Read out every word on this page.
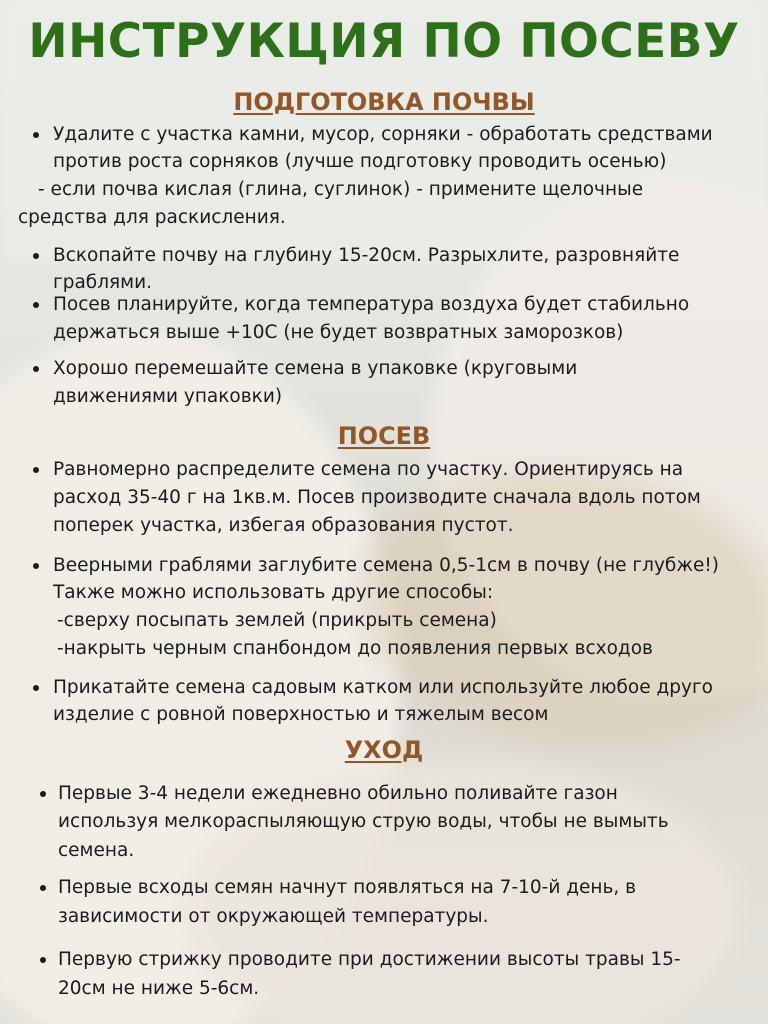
ИНСТРУКЦИЯ ПО ПОСЕВУ
ПОДГОТОВКА ПОЧВЫ
Удалите с участка камни, мусор, сорняки - обработать средствами
против роста сорняков (лучше подготовку проводить осенью)
- если почва кислая (глина, суглинок) - примените щелочные
средства для раскисления.
Вскопайте почву на глубину 15-20см. Разрыхлите, разровняйте
граблями.
Посев планируйте, когда температура воздуха будет стабильно
держаться выше +10С (не будет возвратных заморозков)
Хорошо перемешайте семена в упаковке (круговыми
движениями упаковки)
ПОСЕВ
Равномерно распределите семена по участку. Ориентируясь на
расход 35-40 г на 1кв.м. Посев производите сначала вдоль потом
поперек участка, избегая образования пустот.
Веерными граблями заглубите семена 0,5-1см в почву (не глубже!)
Также можно использовать другие способы:
-сверху посыпать землей (прикрыть семена)
-накрыть черным спанбондом до появления первых всходов
Прикатайте семена садовым катком или используйте любое друго
изделие с ровной поверхностью и тяжелым весом
УХОД
Первые 3-4 недели ежедневно обильно поливайте газон
используя мелкораспыляющую струю воды, чтобы не вымыть
семена.
Первые всходы семян начнут появляться на 7-10-й день, в
зависимости от окружающей температуры.
Первую стрижку проводите при достижении высоты травы 15-
20см не ниже 5-6см.
